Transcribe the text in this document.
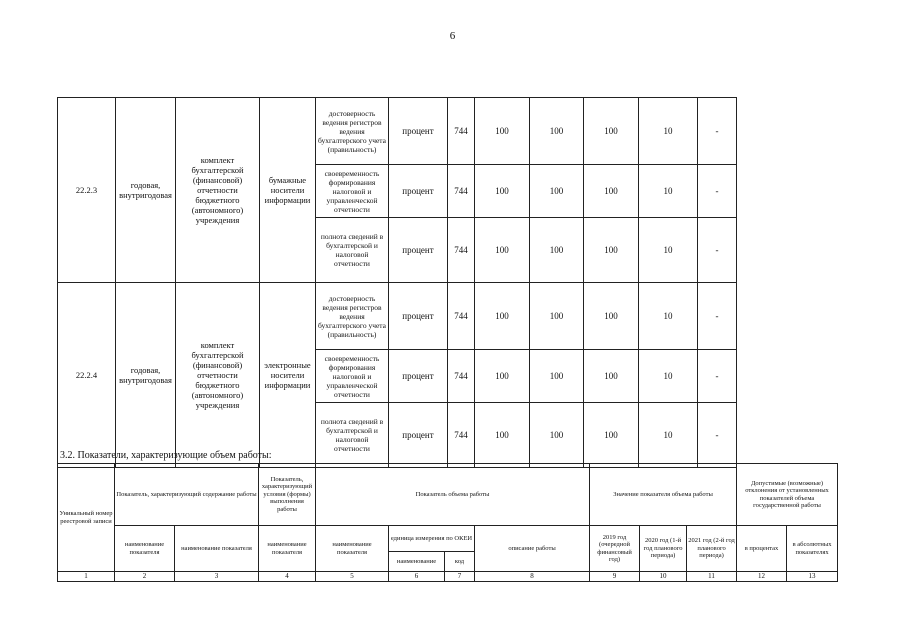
6
22.2.3	годовая, внутригодовая	комплект бухгалтерской (финансовой) отчетности бюджетного (автономного) учреждения	бумажные носители информации	достоверность ведения регистров ведения бухгалтерского учета (правильность)	процент	744	100	100	100	10	-
				своевременность формирования налоговой и управленческой отчетности	процент	744	100	100	100	10	-
				полнота сведений в бухгалтерской и налоговой отчетности	процент	744	100	100	100	10	-
22.2.4	годовая, внутригодовая	комплект бухгалтерской (финансовой) отчетности бюджетного (автономного) учреждения	электронные носители информации	достоверность ведения регистров ведения бухгалтерского учета (правильность)	процент	744	100	100	100	10	-
				своевременность формирования налоговой и управленческой отчетности	процент	744	100	100	100	10	-
				полнота сведений в бухгалтерской и налоговой отчетности	процент	744	100	100	100	10	-
3.2. Показатели, характеризующие объем работы:
Уникальный номер реестровой записи	Показатель, характеризующий содержание работы		Показатель, характеризующий условия (формы) выполнения работы	Показатель объема работы				Значение показателя объема работы			Допустимые (возможные) отклонения от установленных показателей объема государственной работы	
	наименование показателя	наименование показателя	наименование показателя	наименование показателя	единица измерения по ОКЕИ		описание работы	2019 год (очередной финансовый год)	2020 год (1-й год планового периода)	2021 год (2-й год планового периода)	в процентах	в абсолютных показателях
					наименование	код						
1	2	3	4	5	6	7	8	9	10	11	12	13
